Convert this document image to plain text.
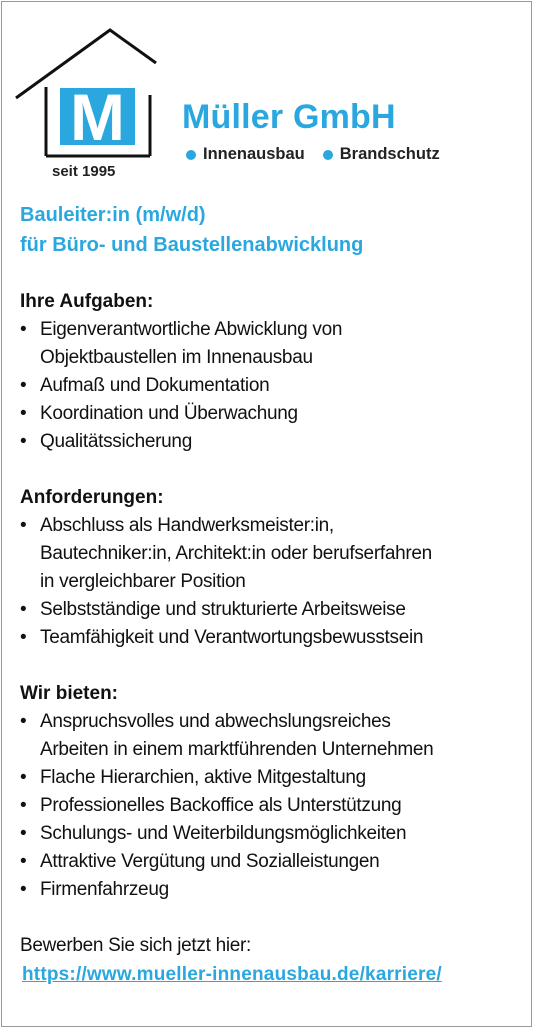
M Müller GmbH
Innenausbau Brandschutz
seit 1995
Bauleiter:in (m/w/d)
für Büro- und Baustellenabwicklung
Ihre Aufgaben:
• Eigenverantwortliche Abwicklung von
Objektbaustellen im Innenausbau
• Aufmaß und Dokumentation
• Koordination und Überwachung
• Qualitätssicherung
Anforderungen:
• Abschluss als Handwerksmeister:in,
Bautechniker:in, Architekt:in oder berufserfahren
in vergleichbarer Position
• Selbstständige und strukturierte Arbeitsweise
• Teamfähigkeit und Verantwortungsbewusstsein
Wir bieten:
• Anspruchsvolles und abwechslungsreiches
Arbeiten in einem marktführenden Unternehmen
• Flache Hierarchien, aktive Mitgestaltung
• Professionelles Backoffice als Unterstützung
• Schulungs- und Weiterbildungsmöglichkeiten
• Attraktive Vergütung und Sozialleistungen
• Firmenfahrzeug
Bewerben Sie sich jetzt hier:
https://www.mueller-innenausbau.de/karriere/
